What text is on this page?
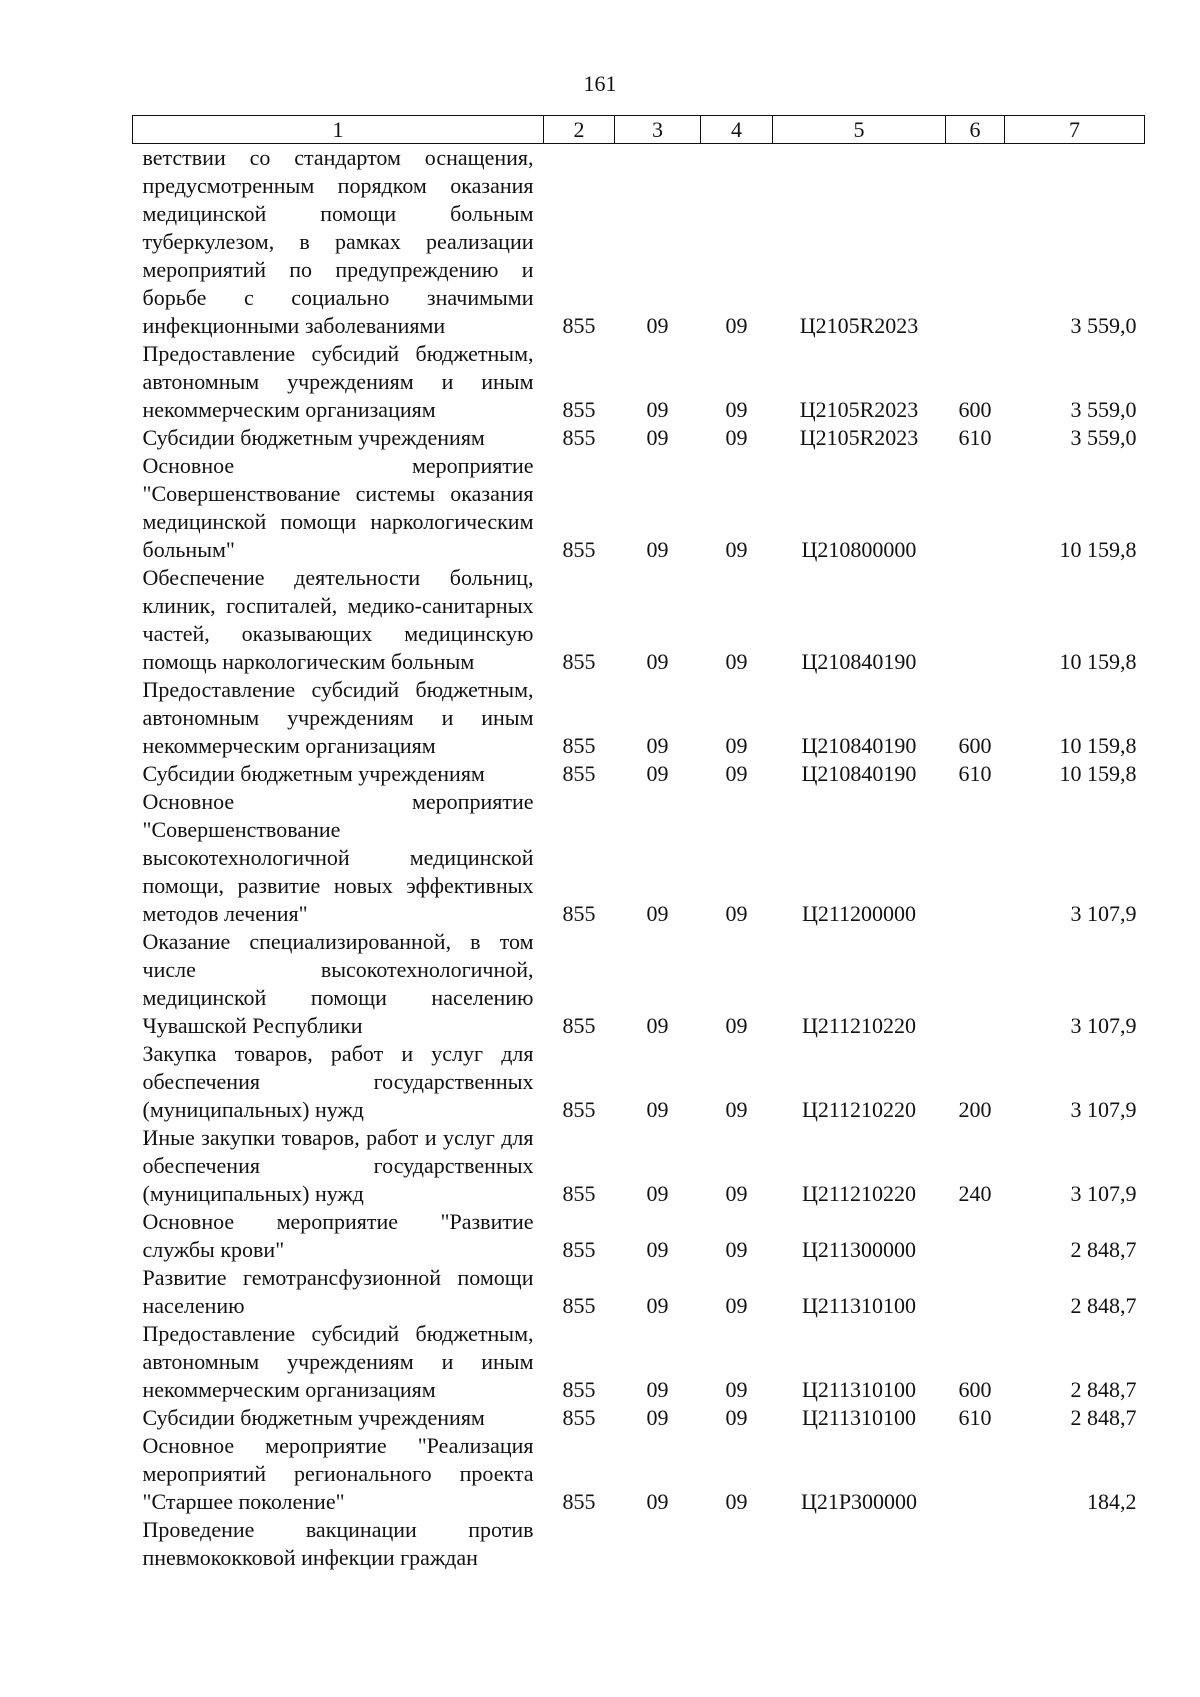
161
1	2	3	4	5	6	7
ветствии со стандартом оснащения, предусмотренным порядком оказания медицинской помощи больным туберкулезом, в рамках реализации мероприятий по предупреждению и борьбе с социально значимыми инфекционными заболеваниями	855	09	09	Ц2105R2023		3 559,0
Предоставление субсидий бюджетным, автономным учреждениям и иным некоммерческим организациям	855	09	09	Ц2105R2023	600	3 559,0
Субсидии бюджетным учреждениям	855	09	09	Ц2105R2023	610	3 559,0
Основное мероприятие "Совершенствование системы оказания медицинской помощи наркологическим больным"	855	09	09	Ц210800000		10 159,8
Обеспечение деятельности больниц, клиник, госпиталей, медико-санитарных частей, оказывающих медицинскую помощь наркологическим больным	855	09	09	Ц210840190		10 159,8
Предоставление субсидий бюджетным, автономным учреждениям и иным некоммерческим организациям	855	09	09	Ц210840190	600	10 159,8
Субсидии бюджетным учреждениям	855	09	09	Ц210840190	610	10 159,8
Основное мероприятие "Совершенствование высокотехнологичной медицинской помощи, развитие новых эффективных методов лечения"	855	09	09	Ц211200000		3 107,9
Оказание специализированной, в том числе высокотехнологичной, медицинской помощи населению Чувашской Республики	855	09	09	Ц211210220		3 107,9
Закупка товаров, работ и услуг для обеспечения государственных (муниципальных) нужд	855	09	09	Ц211210220	200	3 107,9
Иные закупки товаров, работ и услуг для обеспечения государственных (муниципальных) нужд	855	09	09	Ц211210220	240	3 107,9
Основное мероприятие "Развитие службы крови"	855	09	09	Ц211300000		2 848,7
Развитие гемотрансфузионной помощи населению	855	09	09	Ц211310100		2 848,7
Предоставление субсидий бюджетным, автономным учреждениям и иным некоммерческим организациям	855	09	09	Ц211310100	600	2 848,7
Субсидии бюджетным учреждениям	855	09	09	Ц211310100	610	2 848,7
Основное мероприятие "Реализация мероприятий регионального проекта "Старшее поколение"	855	09	09	Ц21P300000		184,2
Проведение вакцинации против пневмококковой инфекции граждан						
